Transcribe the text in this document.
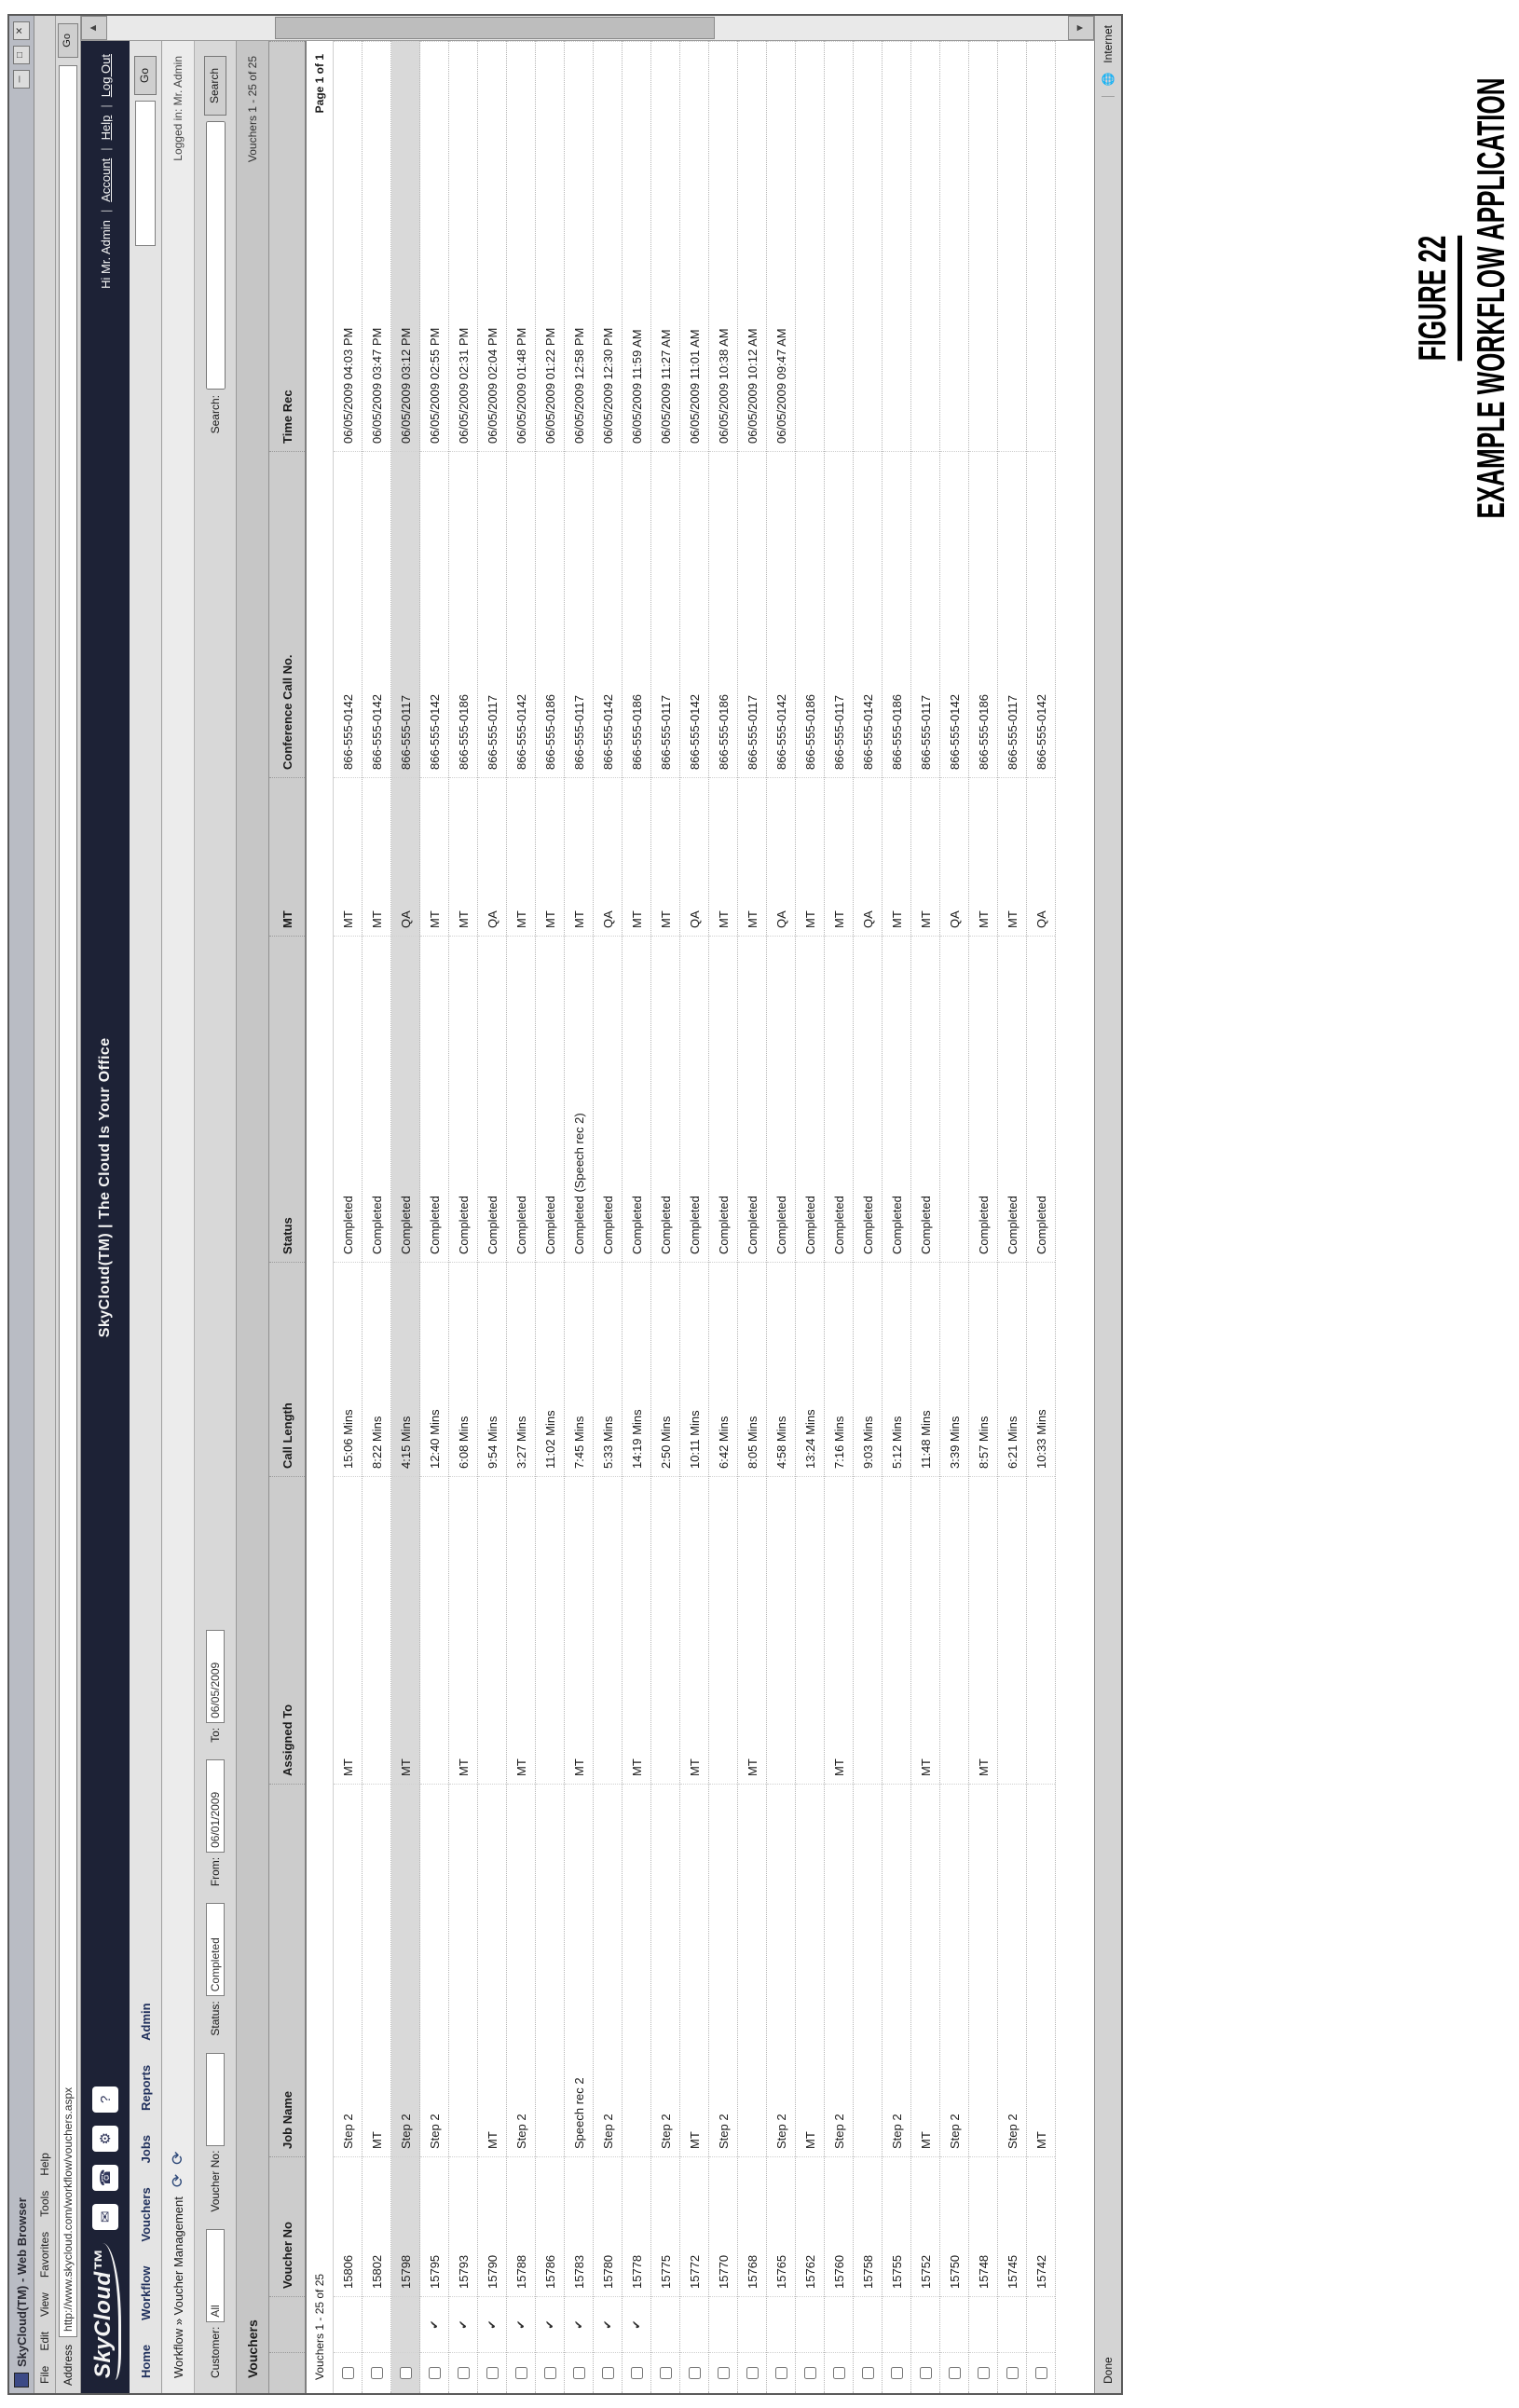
SkyCloud(TM) - Web Browser
─
□
✕
File
Edit
View
Favorites
Tools
Help
Address
http://www.skycloud.com/workflow/vouchers.aspx
Go
SkyCloud™
✉
☎
⚙
?
SkyCloud(TM) | The Cloud Is Your Office
Hi Mr. Admin
|
Account
|
Help
|
Log Out
Home
Workflow
Vouchers
Jobs
Reports
Admin
Go
Workflow » Voucher Management
⟳
⟳
Logged in: Mr. Admin
Customer:
All
Voucher No:
Status:
Completed
From:
06/01/2009
To:
06/05/2009
Search:
Search
Vouchers
Vouchers 1 - 25 of 25
Voucher No
Job Name
Assigned To
Call Length
Status
MT
Conference Call No.
Time Rec
Vouchers 1 - 25 of 25
Page 1 of 1
15806
Step 2
MT
15:06 Mins
Completed
MT
866-555-0142
06/05/2009 04:03 PM
15802
MT
8:22 Mins
Completed
MT
866-555-0142
06/05/2009 03:47 PM
15798
Step 2
MT
4:15 Mins
Completed
QA
866-555-0117
06/05/2009 03:12 PM
✔
15795
Step 2
12:40 Mins
Completed
MT
866-555-0142
06/05/2009 02:55 PM
✔
15793
MT
6:08 Mins
Completed
MT
866-555-0186
06/05/2009 02:31 PM
✔
15790
MT
9:54 Mins
Completed
QA
866-555-0117
06/05/2009 02:04 PM
✔
15788
Step 2
MT
3:27 Mins
Completed
MT
866-555-0142
06/05/2009 01:48 PM
✔
15786
11:02 Mins
Completed
MT
866-555-0186
06/05/2009 01:22 PM
✔
15783
Speech rec 2
MT
7:45 Mins
Completed (Speech rec 2)
MT
866-555-0117
06/05/2009 12:58 PM
✔
15780
Step 2
5:33 Mins
Completed
QA
866-555-0142
06/05/2009 12:30 PM
✔
15778
MT
14:19 Mins
Completed
MT
866-555-0186
06/05/2009 11:59 AM
15775
Step 2
2:50 Mins
Completed
MT
866-555-0117
06/05/2009 11:27 AM
15772
MT
MT
10:11 Mins
Completed
QA
866-555-0142
06/05/2009 11:01 AM
15770
Step 2
6:42 Mins
Completed
MT
866-555-0186
06/05/2009 10:38 AM
15768
MT
8:05 Mins
Completed
MT
866-555-0117
06/05/2009 10:12 AM
15765
Step 2
4:58 Mins
Completed
QA
866-555-0142
06/05/2009 09:47 AM
15762
MT
13:24 Mins
Completed
MT
866-555-0186
15760
Step 2
MT
7:16 Mins
Completed
MT
866-555-0117
15758
9:03 Mins
Completed
QA
866-555-0142
15755
Step 2
5:12 Mins
Completed
MT
866-555-0186
15752
MT
MT
11:48 Mins
Completed
MT
866-555-0117
15750
Step 2
3:39 Mins
QA
866-555-0142
15748
MT
8:57 Mins
Completed
MT
866-555-0186
15745
Step 2
6:21 Mins
Completed
MT
866-555-0117
15742
MT
10:33 Mins
Completed
QA
866-555-0142
▲	▼
Done
🌐
Internet
FIGURE 22 EXAMPLE WORKFLOW APPLICATION
